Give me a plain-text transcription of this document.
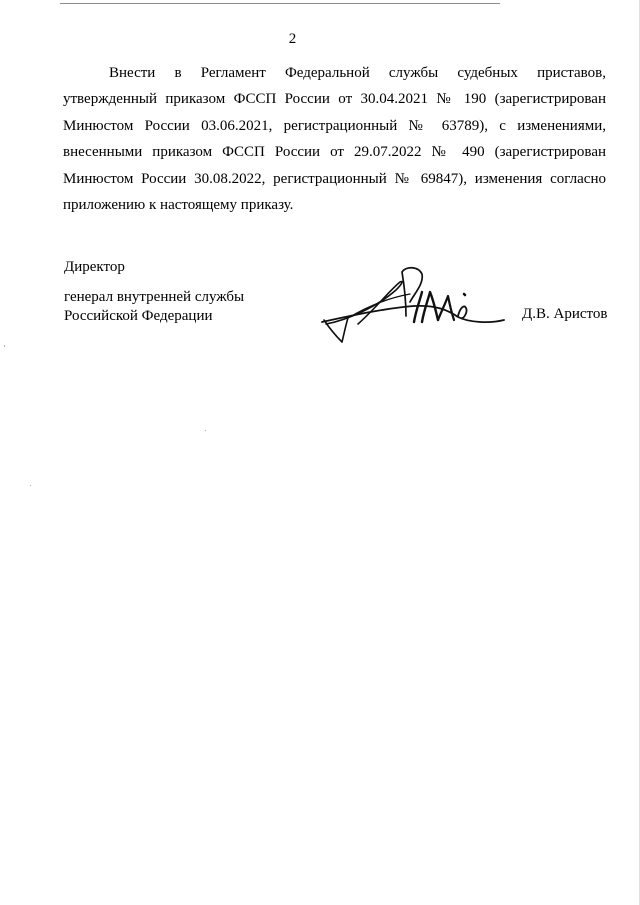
2

Внести в Регламент Федеральной службы судебных приставов, утвержденный приказом ФССП России от 30.04.2021 № 190 (зарегистрирован Минюстом России 03.06.2021, регистрационный № 63789), с изменениями, внесенными приказом ФССП России от 29.07.2022 № 490 (зарегистрирован Минюстом России 30.08.2022, регистрационный № 69847), изменения согласно приложению к настоящему приказу.

Директор

генерал внутренней службы
Российской Федерации	Д.В. Аристов
